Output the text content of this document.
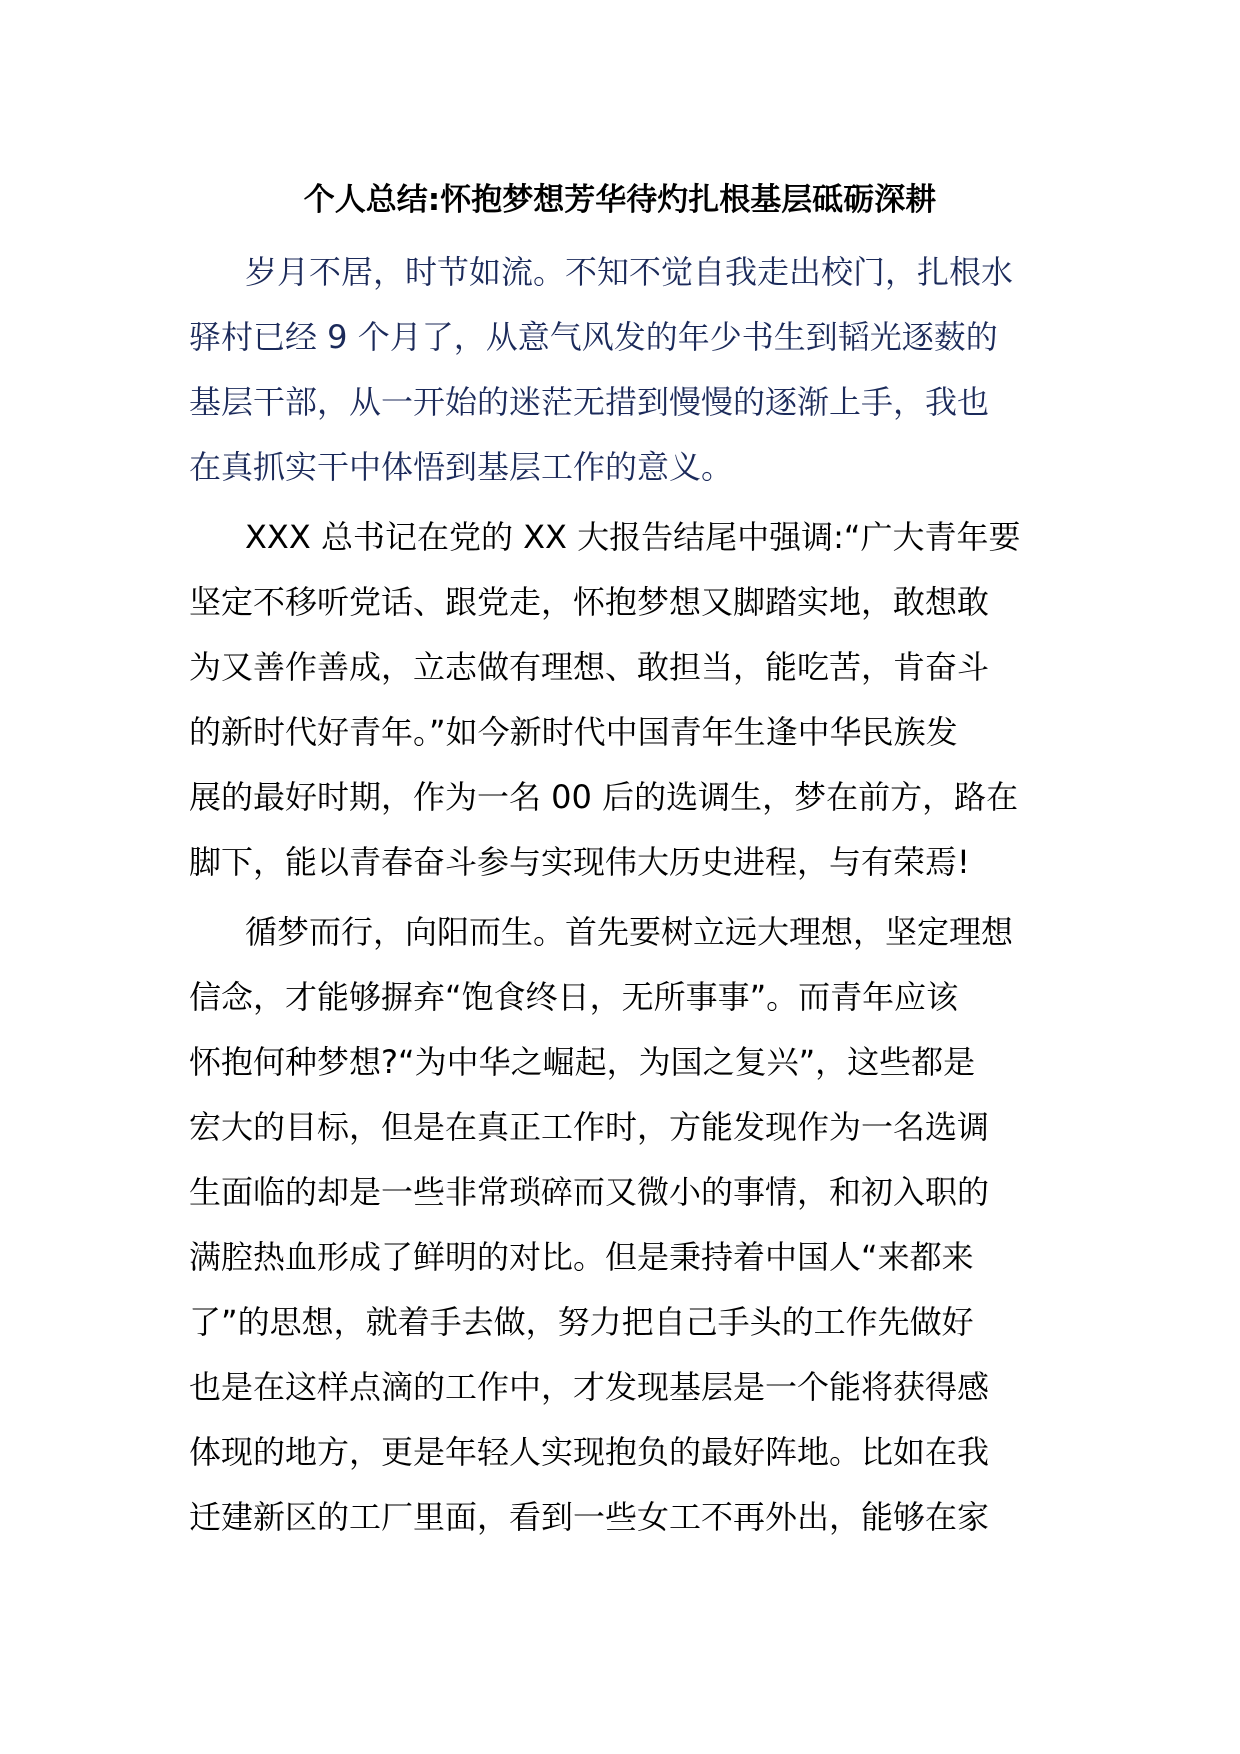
个人总结:怀抱梦想芳华待灼扎根基层砥砺深耕
岁月不居，时节如流。不知不觉自我走出校门，扎根水
驿村已经 9 个月了，从意气风发的年少书生到韬光逐薮的
基层干部，从一开始的迷茫无措到慢慢的逐渐上手，我也
在真抓实干中体悟到基层工作的意义。
XXX 总书记在党的 XX 大报告结尾中强调:“广大青年要
坚定不移听党话、跟党走，怀抱梦想又脚踏实地，敢想敢
为又善作善成，立志做有理想、敢担当，能吃苦，肯奋斗
的新时代好青年。”如今新时代中国青年生逢中华民族发
展的最好时期，作为一名 00 后的选调生，梦在前方，路在
脚下，能以青春奋斗参与实现伟大历史进程，与有荣焉!
循梦而行，向阳而生。首先要树立远大理想，坚定理想
信念，才能够摒弃“饱食终日，无所事事”。而青年应该
怀抱何种梦想?“为中华之崛起，为国之复兴”，这些都是
宏大的目标，但是在真正工作时，方能发现作为一名选调
生面临的却是一些非常琐碎而又微小的事情，和初入职的
满腔热血形成了鲜明的对比。但是秉持着中国人“来都来
了”的思想，就着手去做，努力把自己手头的工作先做好
也是在这样点滴的工作中，才发现基层是一个能将获得感
体现的地方，更是年轻人实现抱负的最好阵地。比如在我
迁建新区的工厂里面，看到一些女工不再外出，能够在家
